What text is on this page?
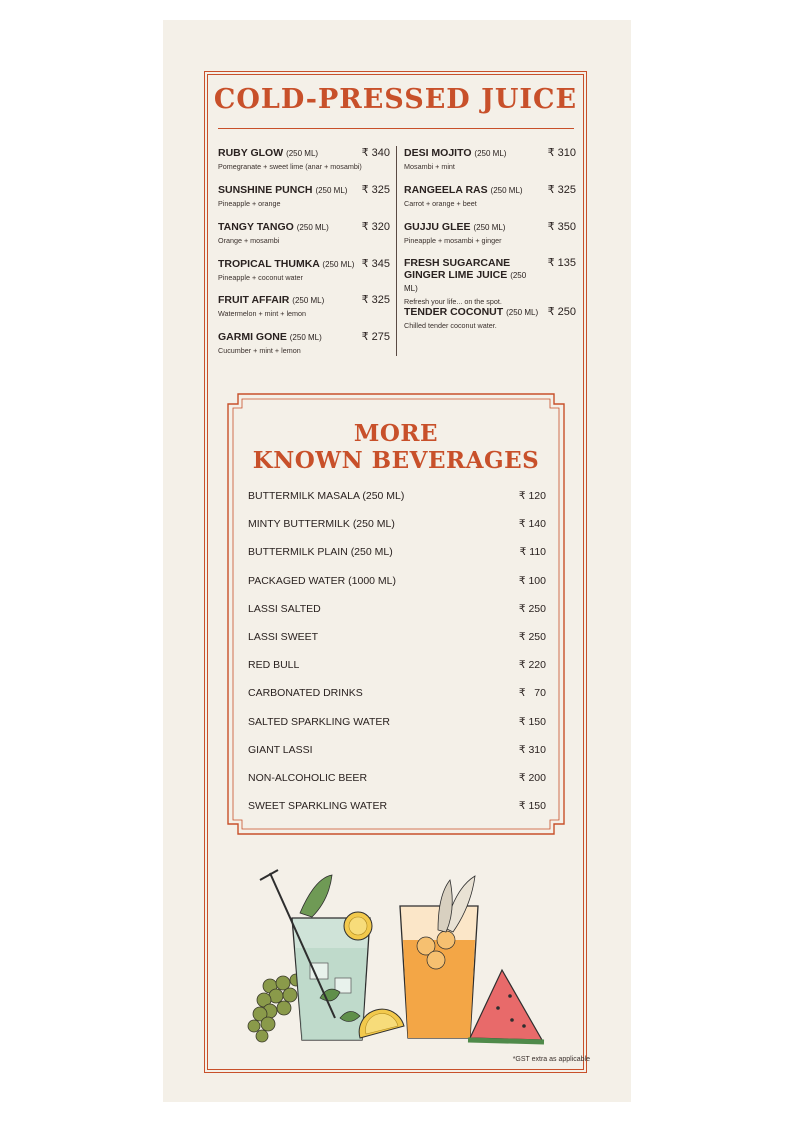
COLD-PRESSED JUICE
RUBY GLOW (250 ML)	₹ 340
Pomegranate + sweet lime (anar + mosambi)
SUNSHINE PUNCH (250 ML) ₹ 325
Pineapple + orange
TANGY TANGO (250 ML)	₹ 320
Orange + mosambi
TROPICAL THUMKA (250 ML) ₹ 345
Pineapple + coconut water
FRUIT AFFAIR (250 ML)	₹ 325
Watermelon + mint + lemon
GARMI GONE (250 ML)	₹ 275
Cucumber + mint + lemon
DESI MOJITO (250 ML)	₹ 310
Mosambi + mint
RANGEELA RAS (250 ML) ₹ 325
Carrot + orange + beet
GUJJU GLEE (250 ML)	₹ 350
Pineapple + mosambi + ginger
FRESH SUGARCANE GINGER LIME JUICE (250 ML)
₹ 135
Refresh your life... on the spot.
TENDER COCONUT (250 ML) ₹ 250
Chilled tender coconut water.
MORE
KNOWN BEVERAGES
BUTTERMILK MASALA (250 ML)	₹ 120
MINTY BUTTERMILK (250 ML)	₹ 140
BUTTERMILK PLAIN (250 ML)	₹ 110
PACKAGED WATER (1000 ML)	₹ 100
LASSI SALTED	₹ 250
LASSI SWEET	₹ 250
RED BULL	₹ 220
CARBONATED DRINKS	₹   70
SALTED SPARKLING WATER	₹ 150
GIANT LASSI	₹ 310
NON-ALCOHOLIC BEER	₹ 200
SWEET SPARKLING WATER	₹ 150
*GST extra as applicable
